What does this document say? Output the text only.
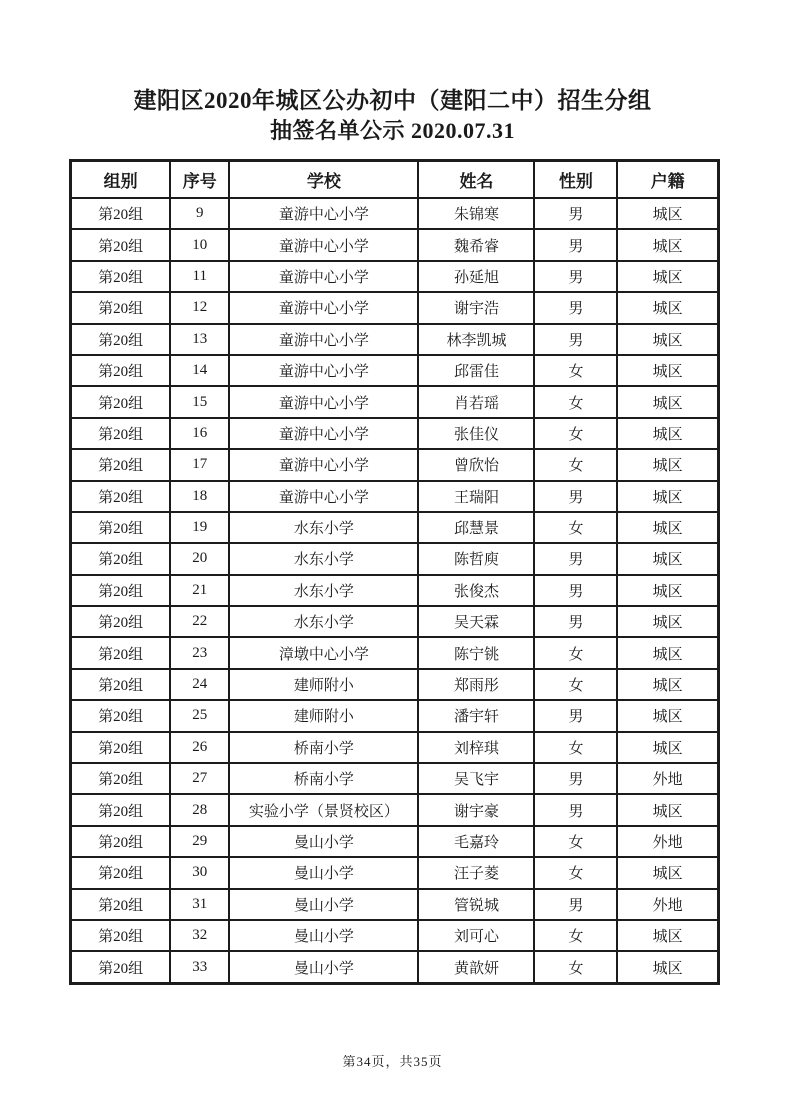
建阳区2020年城区公办初中（建阳二中）招生分组
抽签名单公示 2020.07.31
组别	序号	学校	姓名	性别	户籍
第20组	9	童游中心小学	朱锦寒	男	城区
第20组	10	童游中心小学	魏希睿	男	城区
第20组	11	童游中心小学	孙延旭	男	城区
第20组	12	童游中心小学	谢宇浩	男	城区
第20组	13	童游中心小学	林李凯城	男	城区
第20组	14	童游中心小学	邱雷佳	女	城区
第20组	15	童游中心小学	肖若瑶	女	城区
第20组	16	童游中心小学	张佳仪	女	城区
第20组	17	童游中心小学	曾欣怡	女	城区
第20组	18	童游中心小学	王瑞阳	男	城区
第20组	19	水东小学	邱慧景	女	城区
第20组	20	水东小学	陈哲庾	男	城区
第20组	21	水东小学	张俊杰	男	城区
第20组	22	水东小学	吴天霖	男	城区
第20组	23	漳墩中心小学	陈宁铫	女	城区
第20组	24	建师附小	郑雨彤	女	城区
第20组	25	建师附小	潘宇轩	男	城区
第20组	26	桥南小学	刘梓琪	女	城区
第20组	27	桥南小学	吴飞宇	男	外地
第20组	28	实验小学（景贤校区）	谢宇豪	男	城区
第20组	29	曼山小学	毛嘉玲	女	外地
第20组	30	曼山小学	汪子菱	女	城区
第20组	31	曼山小学	管锐城	男	外地
第20组	32	曼山小学	刘可心	女	城区
第20组	33	曼山小学	黄歆妍	女	城区
第34页，共35页
